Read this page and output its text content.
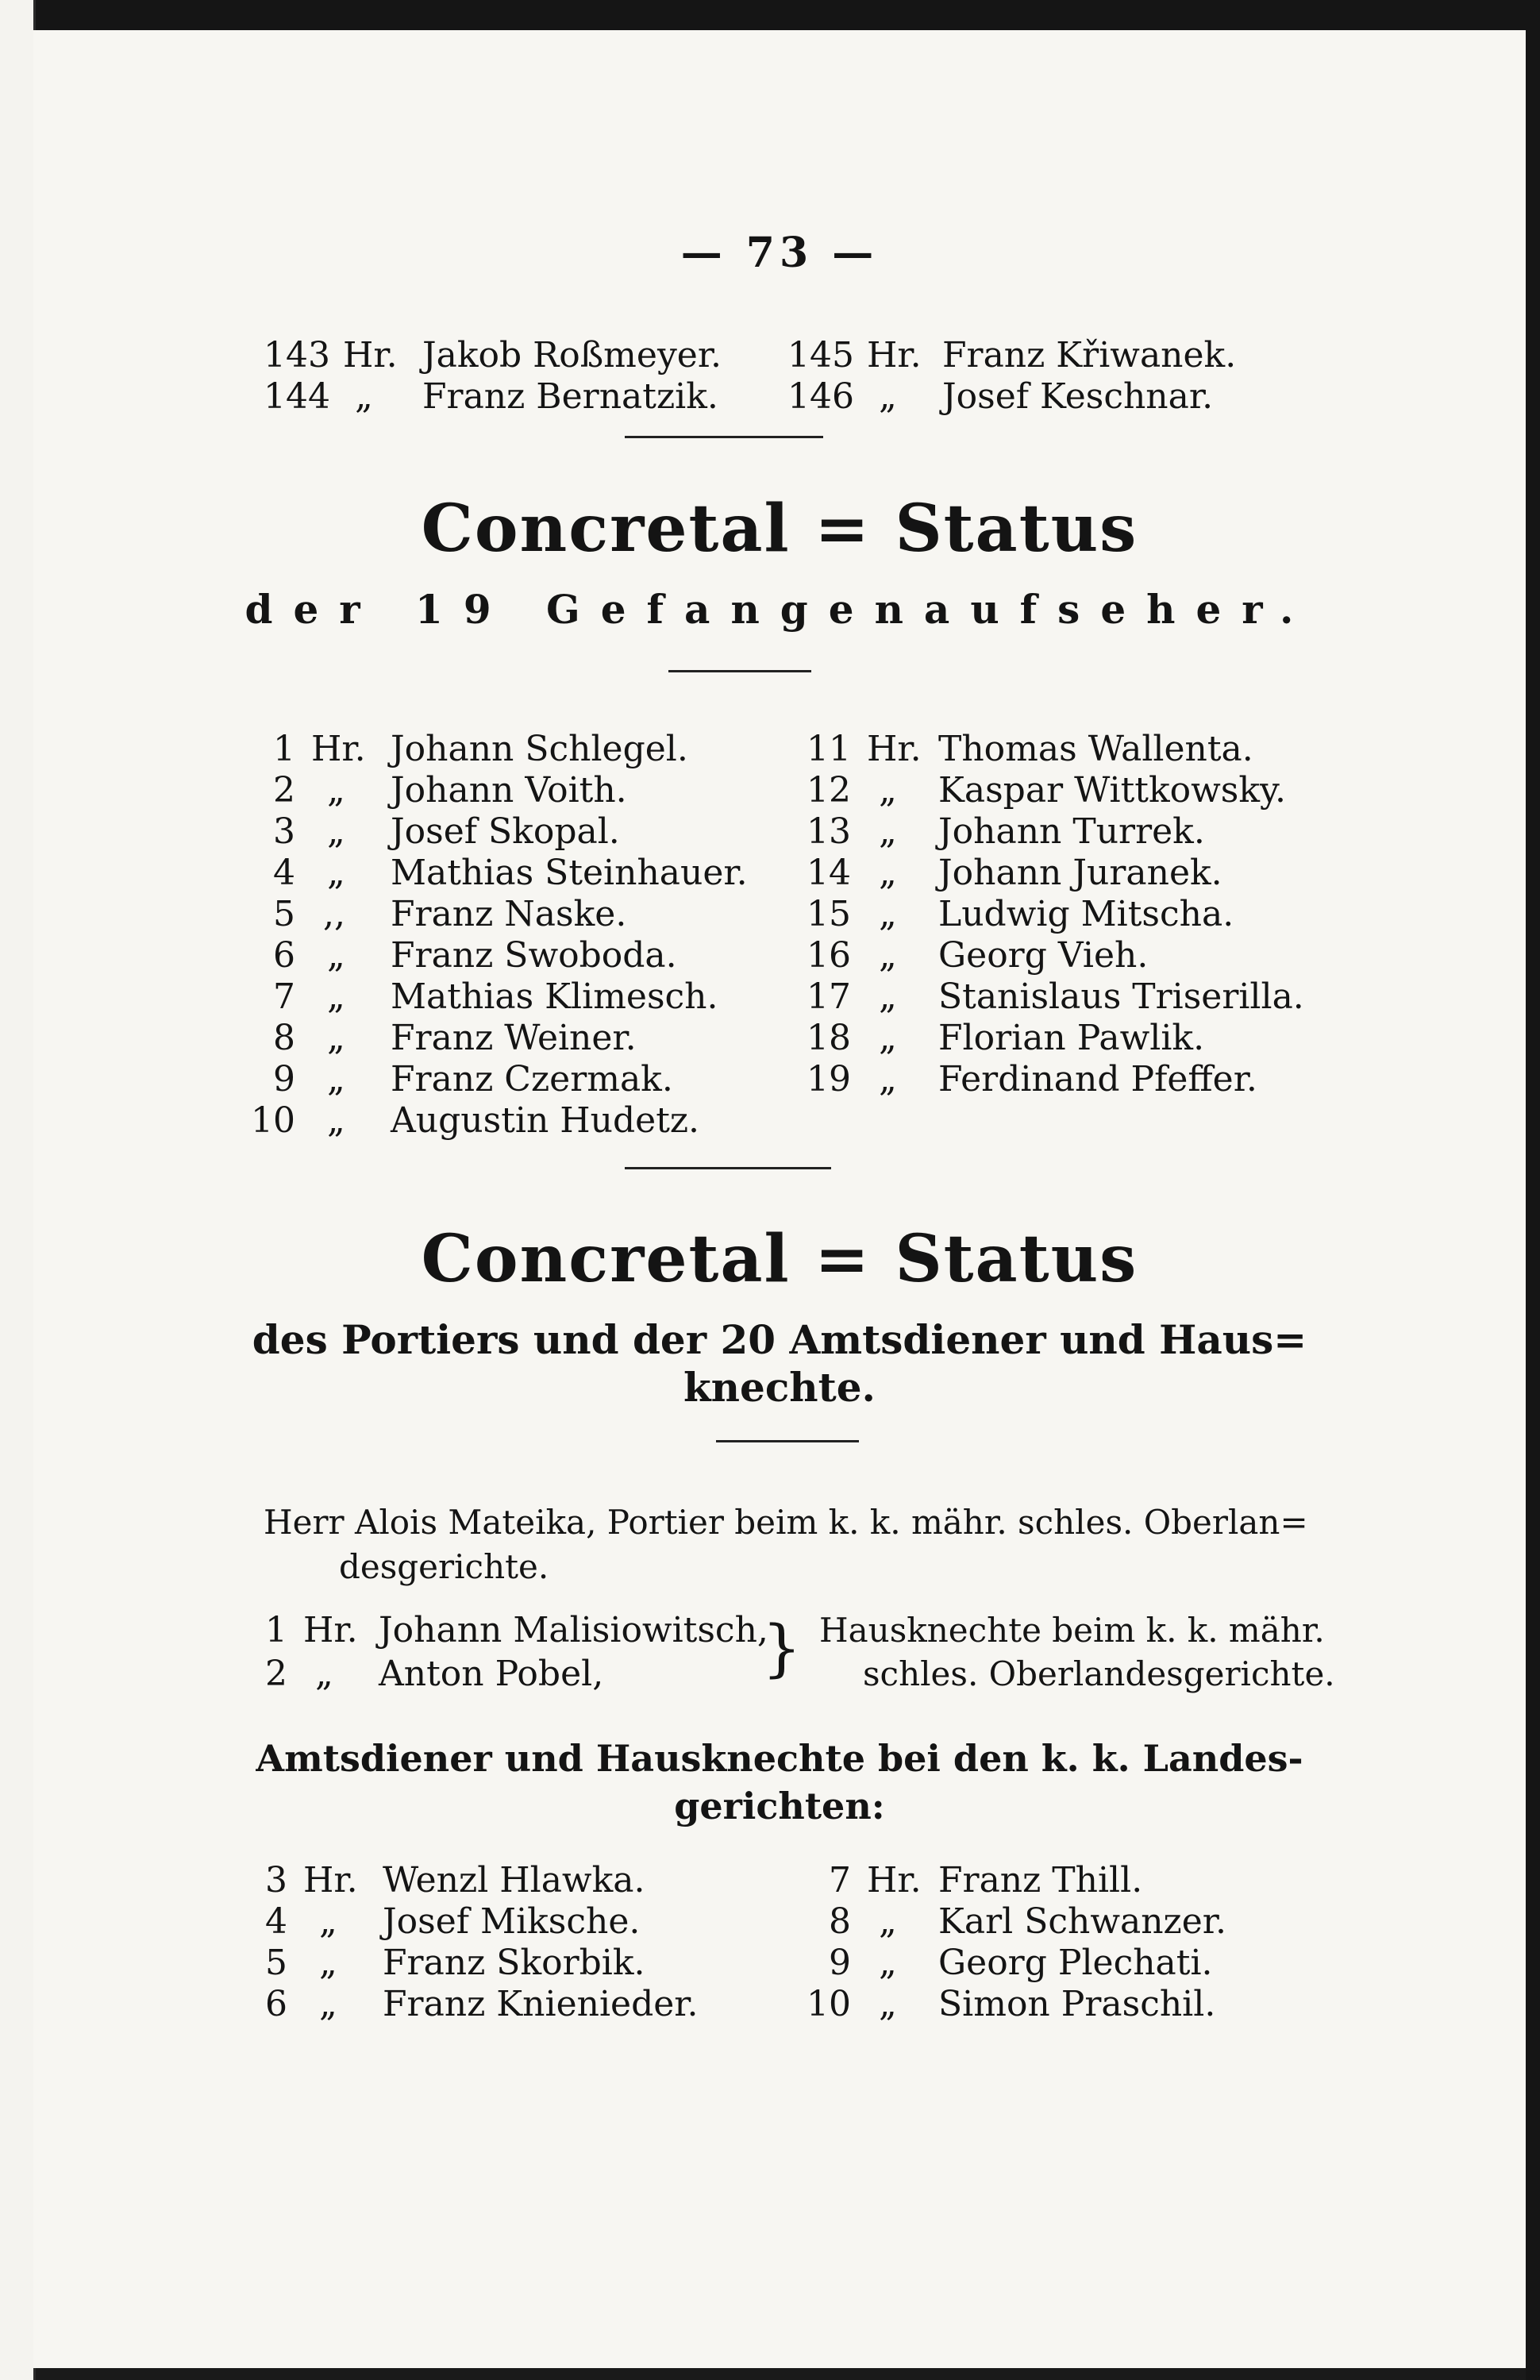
— 73 —
143 Hr. Jakob Roßmeyer.
144 „ Franz Bernatzik.
145 Hr. Franz Křiwanek.
146 „ Josef Keschnar.
Concretal = Status
der 19 Gefangenaufseher.
1 Hr. Johann Schlegel.
2 „ Johann Voith.
3 „ Josef Skopal.
4 „ Mathias Steinhauer.
5 ,, Franz Naske.
6 „ Franz Swoboda.
7 „ Mathias Klimesch.
8 „ Franz Weiner.
9 „ Franz Czermak.
10 „ Augustin Hudetz.
11 Hr. Thomas Wallenta.
12 „ Kaspar Wittkowsky.
13 „ Johann Turrek.
14 „ Johann Juranek.
15 „ Ludwig Mitscha.
16 „ Georg Vieh.
17 „ Stanislaus Triserilla.
18 „ Florian Pawlik.
19 „ Ferdinand Pfeffer.
Concretal = Status
des Portiers und der 20 Amtsdiener und Haus=
knechte.
Herr Alois Mateika, Portier beim k. k. mähr. schles. Oberlan=
desgerichte.
1 Hr. Johann Malisiowitsch,
2 „ Anton Pobel,	} Hausknechte beim k. k. mähr.
schles. Oberlandesgerichte.
Amtsdiener und Hausknechte bei den k. k. Landes-
gerichten:
3 Hr. Wenzl Hlawka.
4 „ Josef Mikschе.
5 „ Franz Skorbik.
6 „ Franz Knienieder.
7 Hr. Franz Thill.
8 „ Karl Schwanzer.
9 „ Georg Plechati.
10 „ Simon Praschil.
